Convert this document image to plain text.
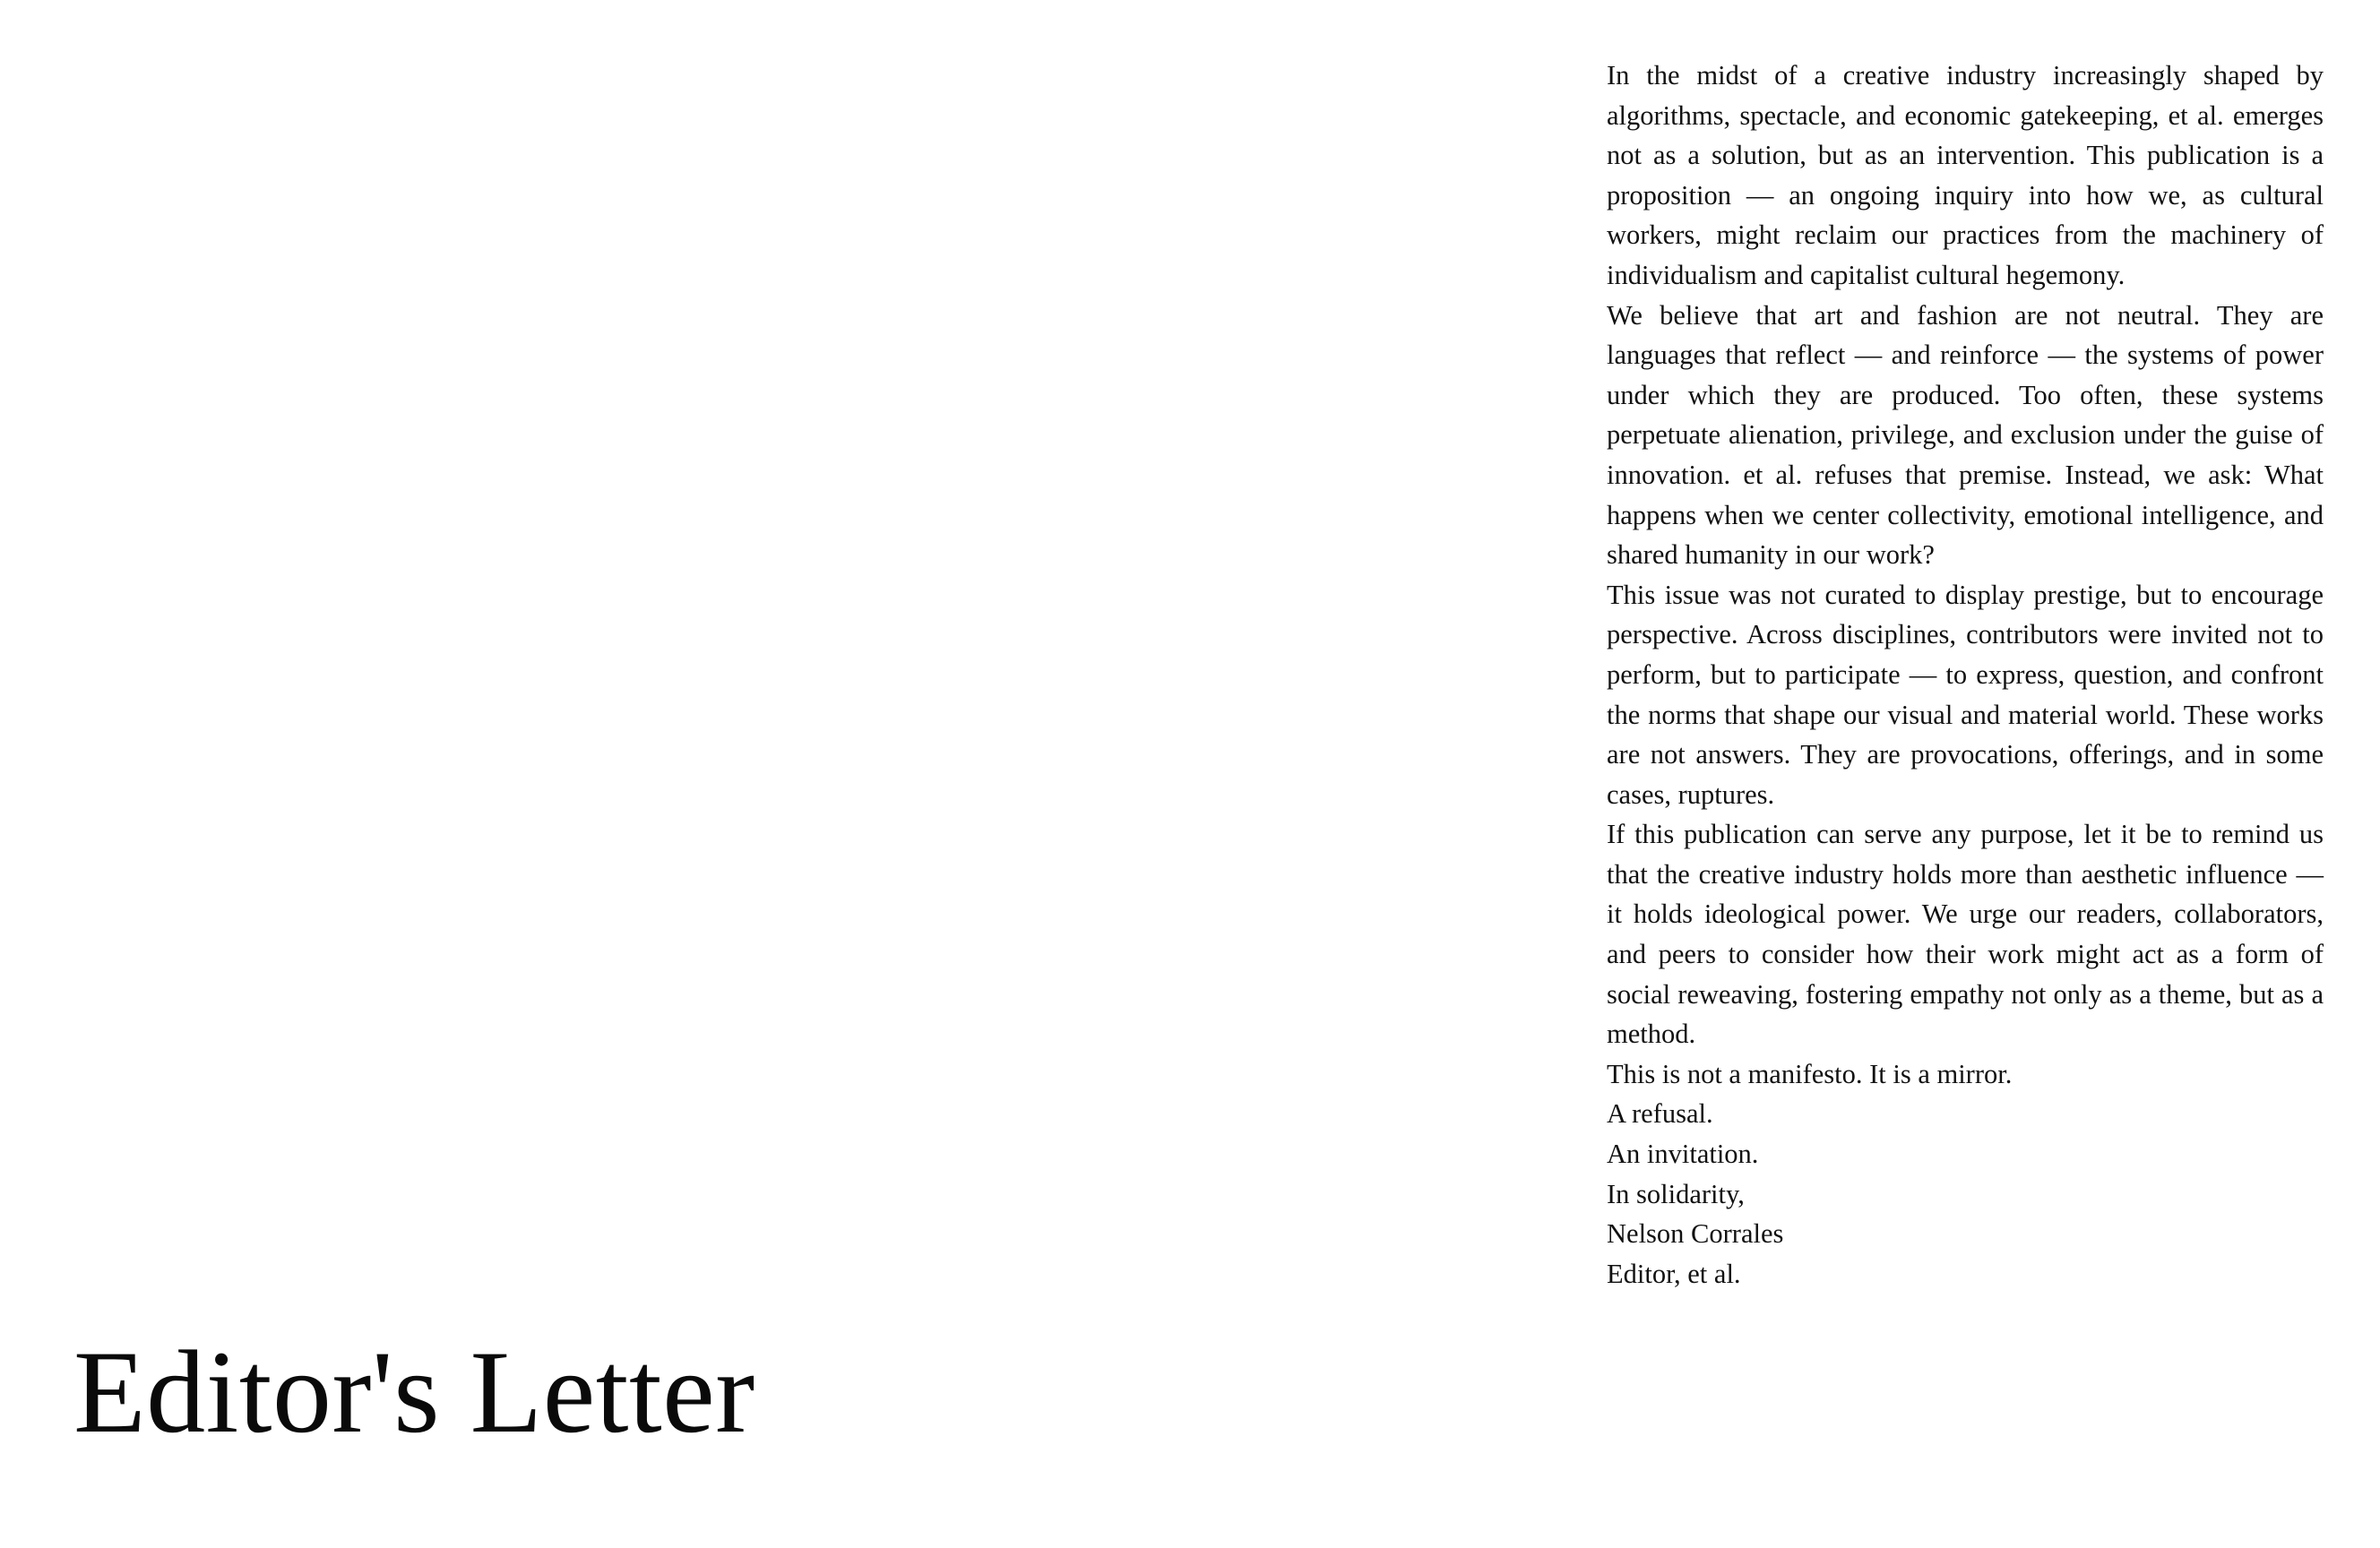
Editor's Letter

In the midst of a creative industry increasingly shaped by algorithms, spectacle, and economic gatekeeping, et al. emerges not as a solution, but as an intervention. This publication is a proposition — an ongoing inquiry into how we, as cultural workers, might reclaim our practices from the machinery of individualism and capitalist cultural hegemony.

We believe that art and fashion are not neutral. They are languages that reflect — and reinforce — the systems of power under which they are produced. Too often, these systems perpetuate alienation, privilege, and exclusion under the guise of innovation. et al. refuses that premise. Instead, we ask: What happens when we center collectivity, emotional intelligence, and shared humanity in our work?

This issue was not curated to display prestige, but to encourage perspective. Across disciplines, contributors were invited not to perform, but to participate — to express, question, and confront the norms that shape our visual and material world. These works are not answers. They are provocations, offerings, and in some cases, ruptures.

If this publication can serve any purpose, let it be to remind us that the creative industry holds more than aesthetic influence — it holds ideological power. We urge our readers, collaborators, and peers to consider how their work might act as a form of social reweaving, fostering empathy not only as a theme, but as a method.

This is not a manifesto. It is a mirror.

A refusal.

An invitation.

In solidarity,

Nelson Corrales

Editor, et al.
